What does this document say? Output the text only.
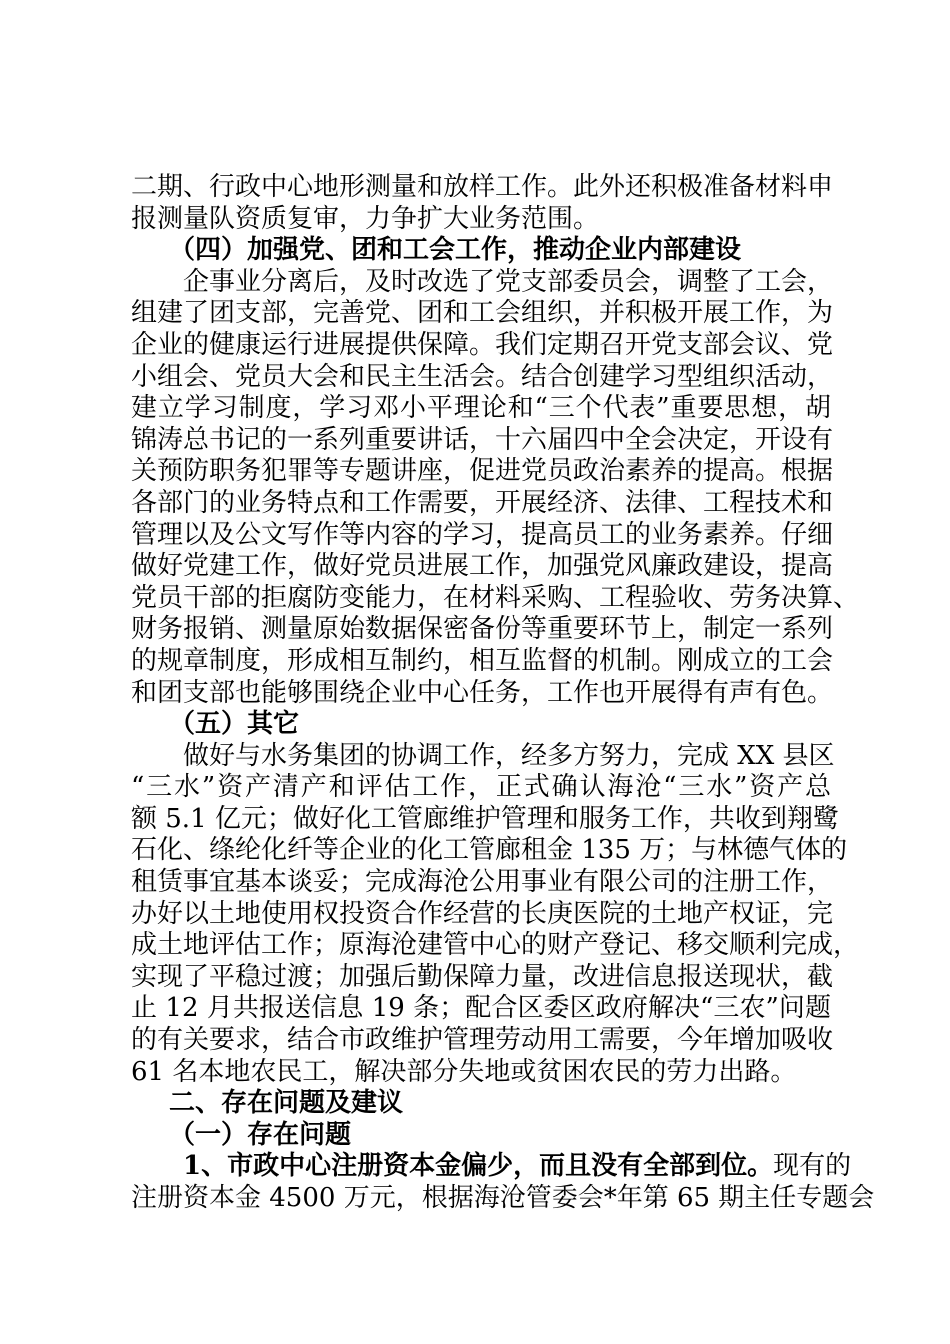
二期、行政中心地形测量和放样工作。此外还积极准备材料申
报测量队资质复审，力争扩大业务范围。
（四）加强党、团和工会工作，推动企业内部建设
企事业分离后，及时改选了党支部委员会，调整了工会，
组建了团支部，完善党、团和工会组织，并积极开展工作，为
企业的健康运行进展提供保障。我们定期召开党支部会议、党
小组会、党员大会和民主生活会。结合创建学习型组织活动，
建立学习制度，学习邓小平理论和“三个代表”重要思想，胡
锦涛总书记的一系列重要讲话，十六届四中全会决定，开设有
关预防职务犯罪等专题讲座，促进党员政治素养的提高。根据
各部门的业务特点和工作需要，开展经济、法律、工程技术和
管理以及公文写作等内容的学习，提高员工的业务素养。仔细
做好党建工作，做好党员进展工作，加强党风廉政建设，提高
党员干部的拒腐防变能力，在材料采购、工程验收、劳务决算、
财务报销、测量原始数据保密备份等重要环节上，制定一系列
的规章制度，形成相互制约，相互监督的机制。刚成立的工会
和团支部也能够围绕企业中心任务，工作也开展得有声有色。
（五）其它
做好与水务集团的协调工作，经多方努力，完成 XX 县区
“三水”资产清产和评估工作，正式确认海沧“三水”资产总
额 5.1 亿元；做好化工管廊维护管理和服务工作，共收到翔鹭
石化、绦纶化纤等企业的化工管廊租金 135 万；与林德气体的
租赁事宜基本谈妥；完成海沧公用事业有限公司的注册工作，
办好以土地使用权投资合作经营的长庚医院的土地产权证，完
成土地评估工作；原海沧建管中心的财产登记、移交顺利完成，
实现了平稳过渡；加强后勤保障力量，改进信息报送现状，截
止 12 月共报送信息 19 条；配合区委区政府解决“三农”问题
的有关要求，结合市政维护管理劳动用工需要，今年增加吸收
61 名本地农民工，解决部分失地或贫困农民的劳力出路。
二、存在问题及建议
（一）存在问题
1、市政中心注册资本金偏少，而且没有全部到位。现有的
注册资本金 4500 万元，根据海沧管委会*年第 65 期主任专题会
